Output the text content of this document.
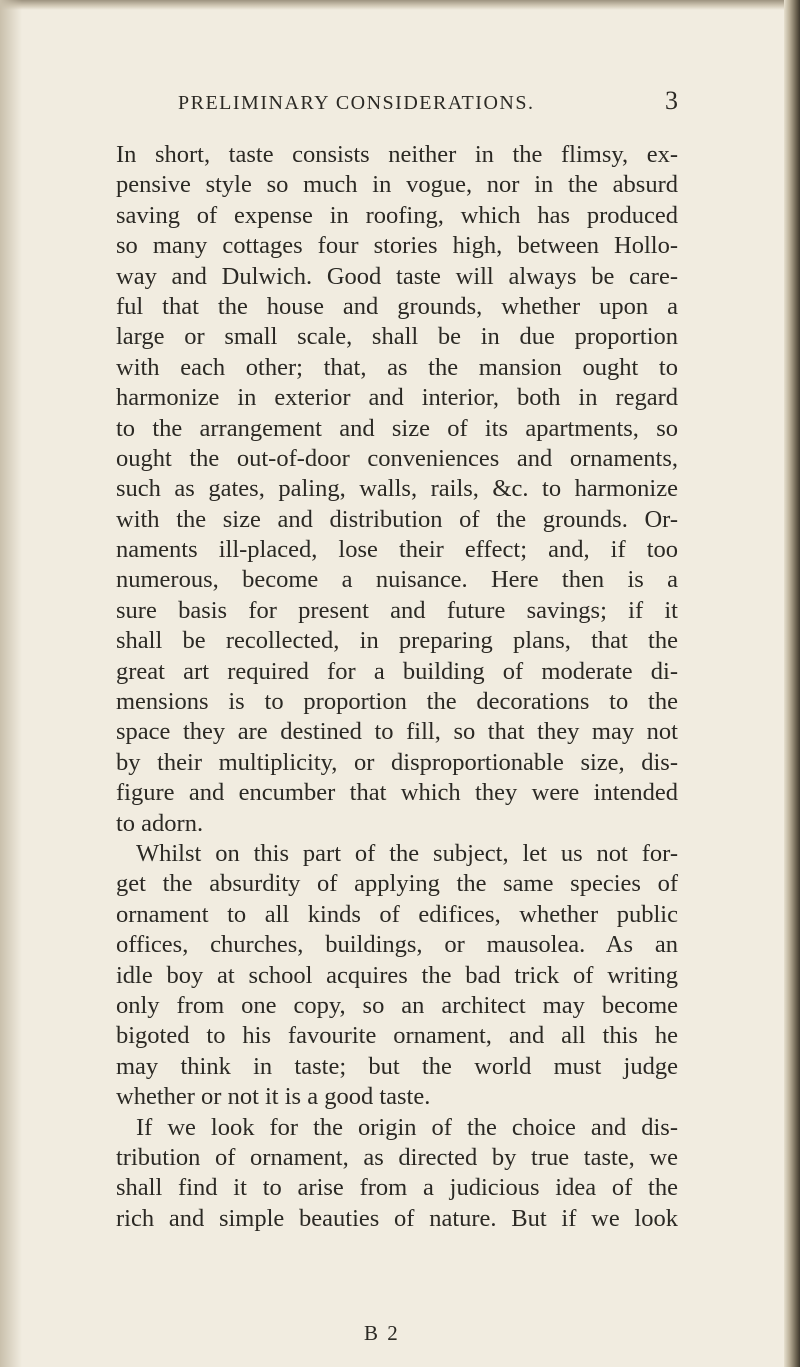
PRELIMINARY CONSIDERATIONS.	3
In short, taste consists neither in the flimsy, ex-
pensive style so much in vogue, nor in the absurd
saving of expense in roofing, which has produced
so many cottages four stories high, between Hollo-
way and Dulwich. Good taste will always be care-
ful that the house and grounds, whether upon a
large or small scale, shall be in due proportion
with each other; that, as the mansion ought to
harmonize in exterior and interior, both in regard
to the arrangement and size of its apartments, so
ought the out-of-door conveniences and ornaments,
such as gates, paling, walls, rails, &c. to harmonize
with the size and distribution of the grounds. Or-
naments ill-placed, lose their effect; and, if too
numerous, become a nuisance. Here then is a
sure basis for present and future savings; if it
shall be recollected, in preparing plans, that the
great art required for a building of moderate di-
mensions is to proportion the decorations to the
space they are destined to fill, so that they may not
by their multiplicity, or disproportionable size, dis-
figure and encumber that which they were intended
to adorn.
Whilst on this part of the subject, let us not for-
get the absurdity of applying the same species of
ornament to all kinds of edifices, whether public
offices, churches, buildings, or mausolea. As an
idle boy at school acquires the bad trick of writing
only from one copy, so an architect may become
bigoted to his favourite ornament, and all this he
may think in taste; but the world must judge
whether or not it is a good taste.
If we look for the origin of the choice and dis-
tribution of ornament, as directed by true taste, we
shall find it to arise from a judicious idea of the
rich and simple beauties of nature. But if we look
B 2
